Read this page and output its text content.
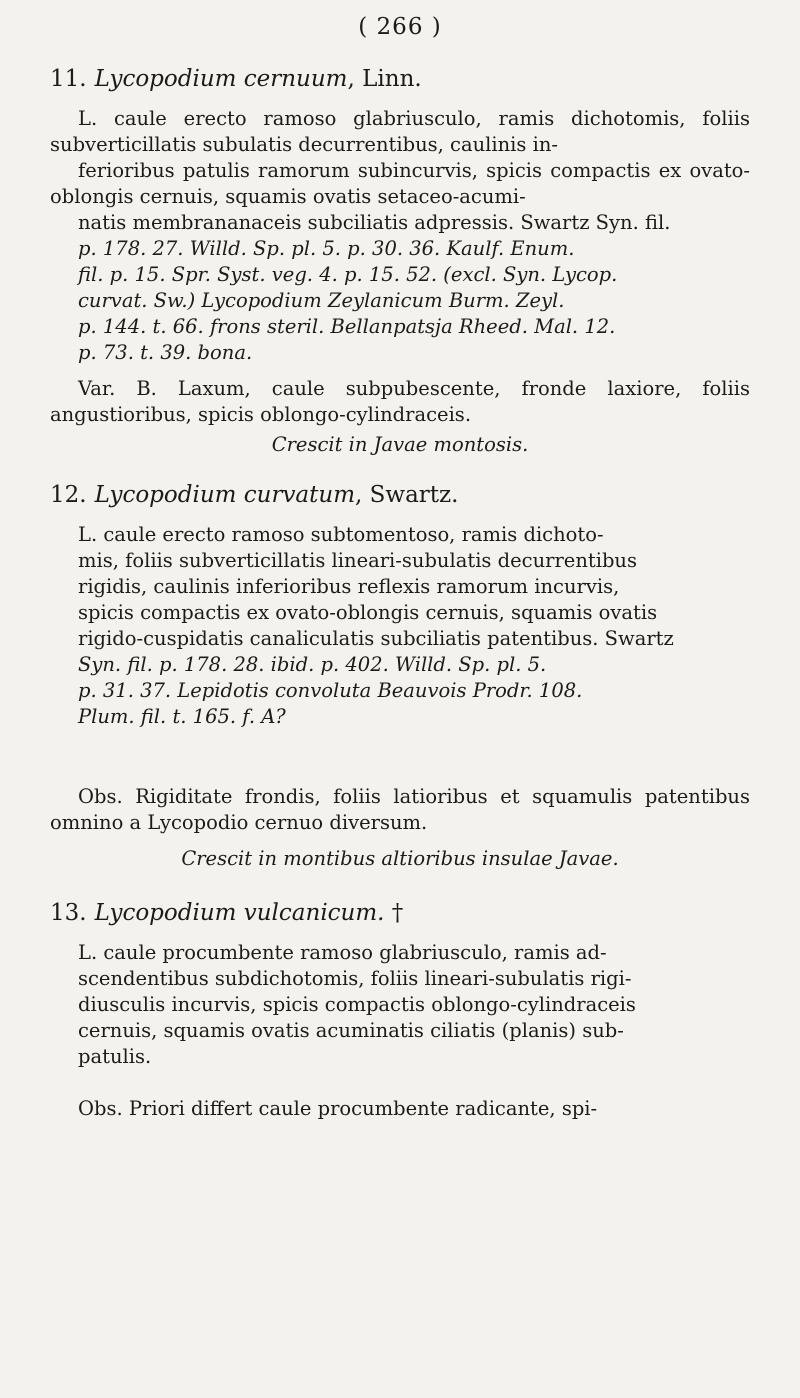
( 266 )
11. Lycopodium cernuum, Linn.
L. caule erecto ramoso glabriusculo, ramis dichotomis, foliis subverticillatis subulatis decurrentibus, caulinis in-
ferioribus patulis ramorum subincurvis, spicis compactis ex ovato-oblongis cernuis, squamis ovatis setaceo-acumi-
natis membrananaceis subciliatis adpressis. Swartz Syn. fil.
p. 178. 27. Willd. Sp. pl. 5. p. 30. 36. Kaulf. Enum.
fil. p. 15. Spr. Syst. veg. 4. p. 15. 52. (excl. Syn. Lycop.
curvat. Sw.) Lycopodium Zeylanicum Burm. Zeyl.
p. 144. t. 66. frons steril. Bellanpatsja Rheed. Mal. 12.
p. 73. t. 39. bona.
Var. B. Laxum, caule subpubescente, fronde laxiore, foliis angustioribus, spicis oblongo-cylindraceis.
Crescit in Javae montosis.
12. Lycopodium curvatum, Swartz.
L. caule erecto ramoso subtomentoso, ramis dichoto-
mis, foliis subverticillatis lineari-subulatis decurrentibus
rigidis, caulinis inferioribus reflexis ramorum incurvis,
spicis compactis ex ovato-oblongis cernuis, squamis ovatis
rigido-cuspidatis canaliculatis subciliatis patentibus. Swartz
Syn. fil. p. 178. 28. ibid. p. 402. Willd. Sp. pl. 5.
p. 31. 37. Lepidotis convoluta Beauvois Prodr. 108.
Plum. fil. t. 165. f. A?
Obs. Rigiditate frondis, foliis latioribus et squamulis patentibus omnino a Lycopodio cernuo diversum.
Crescit in montibus altioribus insulae Javae.
13. Lycopodium vulcanicum. †
L. caule procumbente ramoso glabriusculo, ramis ad-
scendentibus subdichotomis, foliis lineari-subulatis rigi-
diusculis incurvis, spicis compactis oblongo-cylindraceis
cernuis, squamis ovatis acuminatis ciliatis (planis) sub-
patulis.
Obs. Priori differt caule procumbente radicante, spi-
